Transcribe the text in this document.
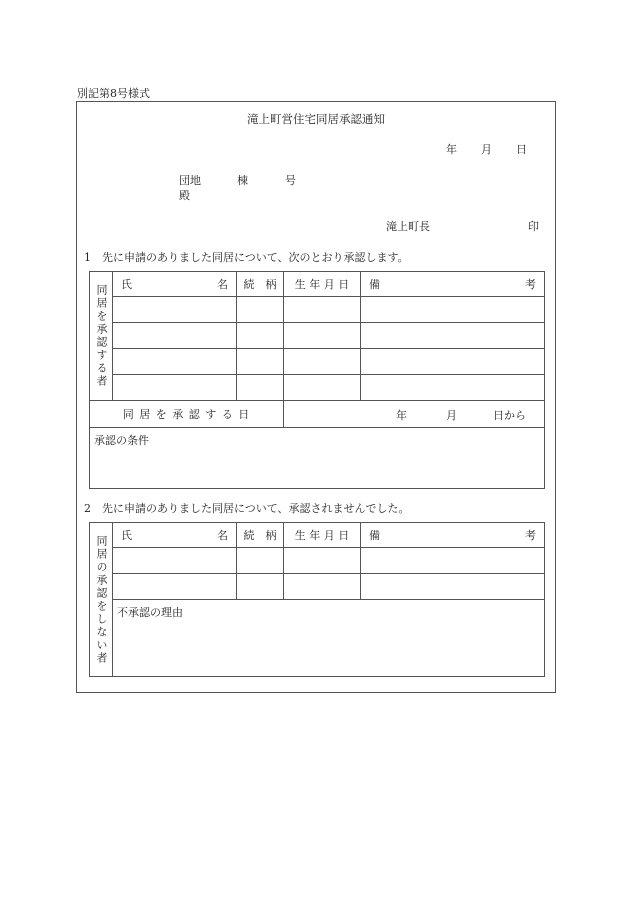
別記第8号様式
滝上町営住宅同居承認通知
年 月 日
団地	棟	号
殿
滝上町長	印
1　先に申請のありました同居について、次のとおり承認します。
同居を承認する者	氏 名	続　柄	生 年 月 日	備 考

同 居 を 承 認 す る 日			年 月 日から	

承認の条件				
2　先に申請のありました同居について、承認されませんでした。
同居の承認をしない者	氏 名	続　柄	生 年 月 日	備 考

	不承認の理由			
